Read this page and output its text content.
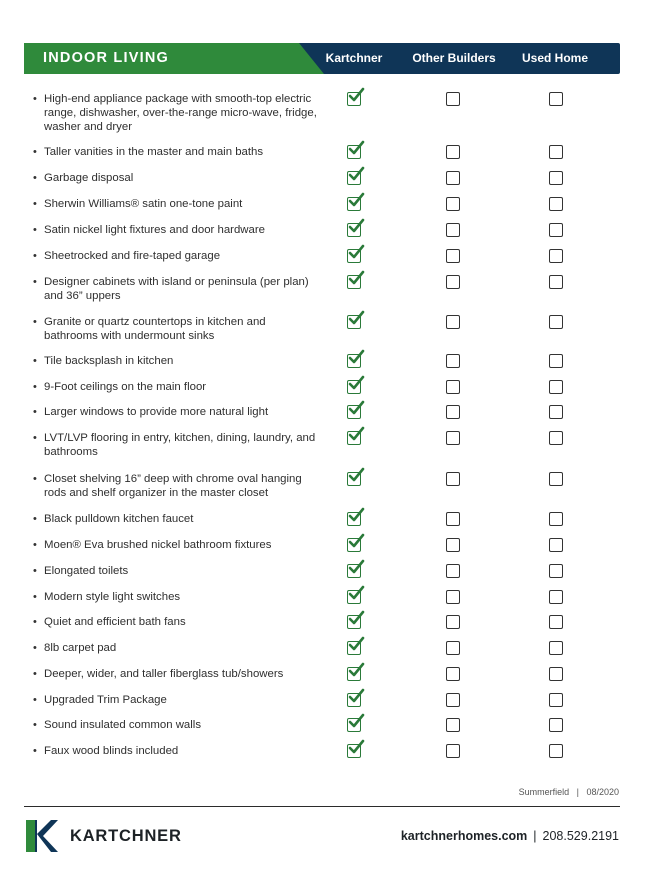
INDOOR LIVING	Kartchner Other Builders Used Home
• High-end appliance package with smooth-top electric range, dishwasher, over-the-range micro-wave, fridge, washer and dryer
• Taller vanities in the master and main baths
• Garbage disposal
• Sherwin Williams® satin one-tone paint
• Satin nickel light fixtures and door hardware
• Sheetrocked and fire-taped garage
• Designer cabinets with island or peninsula (per plan) and 36” uppers
• Granite or quartz countertops in kitchen and bathrooms with undermount sinks
• Tile backsplash in kitchen
• 9-Foot ceilings on the main floor
• Larger windows to provide more natural light
• LVT/LVP flooring in entry, kitchen, dining, laundry, and bathrooms
• Closet shelving 16” deep with chrome oval hanging rods and shelf organizer in the master closet
• Black pulldown kitchen faucet
• Moen® Eva brushed nickel bathroom fixtures
• Elongated toilets
• Modern style light switches
• Quiet and efficient bath fans
• 8lb carpet pad
• Deeper, wider, and taller fiberglass tub/showers
• Upgraded Trim Package
• Sound insulated common walls
• Faux wood blinds included
Summerfield | 08/2020
KARTCHNER	kartchnerhomes.com | 208.529.2191
